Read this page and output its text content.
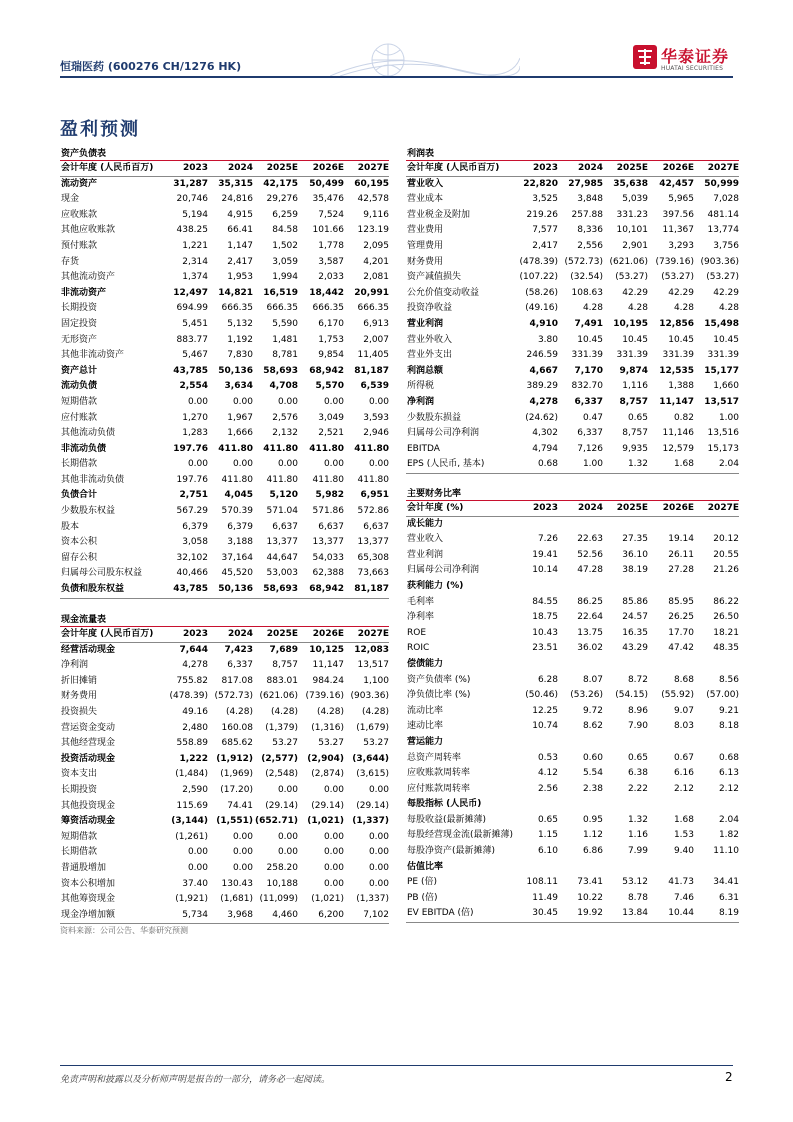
恒瑞医药 (600276 CH/1276 HK)
华泰证券
HUATAI SECURITIES
盈利预测
资产负债表
会计年度 (人民币百万)	2023	2024	2025E	2026E	2027E
流动资产	31,287	35,315	42,175	50,499	60,195
现金	20,746	24,816	29,276	35,476	42,578
应收账款	5,194	4,915	6,259	7,524	9,116
其他应收账款	438.25	66.41	84.58	101.66	123.19
预付账款	1,221	1,147	1,502	1,778	2,095
存货	2,314	2,417	3,059	3,587	4,201
其他流动资产	1,374	1,953	1,994	2,033	2,081
非流动资产	12,497	14,821	16,519	18,442	20,991
长期投资	694.99	666.35	666.35	666.35	666.35
固定投资	5,451	5,132	5,590	6,170	6,913
无形资产	883.77	1,192	1,481	1,753	2,007
其他非流动资产	5,467	7,830	8,781	9,854	11,405
资产总计	43,785	50,136	58,693	68,942	81,187
流动负债	2,554	3,634	4,708	5,570	6,539
短期借款	0.00	0.00	0.00	0.00	0.00
应付账款	1,270	1,967	2,576	3,049	3,593
其他流动负债	1,283	1,666	2,132	2,521	2,946
非流动负债	197.76	411.80	411.80	411.80	411.80
长期借款	0.00	0.00	0.00	0.00	0.00
其他非流动负债	197.76	411.80	411.80	411.80	411.80
负债合计	2,751	4,045	5,120	5,982	6,951
少数股东权益	567.29	570.39	571.04	571.86	572.86
股本	6,379	6,379	6,637	6,637	6,637
资本公积	3,058	3,188	13,377	13,377	13,377
留存公积	32,102	37,164	44,647	54,033	65,308
归属母公司股东权益	40,466	45,520	53,003	62,388	73,663
负债和股东权益	43,785	50,136	58,693	68,942	81,187
现金流量表
会计年度 (人民币百万)	2023	2024	2025E	2026E	2027E
经营活动现金	7,644	7,423	7,689	10,125	12,083
净利润	4,278	6,337	8,757	11,147	13,517
折旧摊销	755.82	817.08	883.01	984.24	1,100
财务费用	(478.39) (572.73) (621.06) (739.16) (903.36)
投资损失	49.16	(4.28)	(4.28)	(4.28)	(4.28)
营运资金变动	2,480	160.08	(1,379)	(1,316)	(1,679)
其他经营现金	558.89	685.62	53.27	53.27	53.27
投资活动现金	1,222 (1,912) (2,577)	(2,904) (3,644)
资本支出	(1,484)	(1,969)	(2,548)	(2,874)	(3,615)
长期投资	2,590	(17.20)	0.00	0.00	0.00
其他投资现金	115.69	74.41	(29.14)	(29.14)	(29.14)
筹资活动现金	(3,144) (1,551) (652.71)	(1,021) (1,337)
短期借款	(1,261)	0.00	0.00	0.00	0.00
长期借款	0.00	0.00	0.00	0.00	0.00
普通股增加	0.00	0.00	258.20	0.00	0.00
资本公积增加	37.40	130.43	10,188	0.00	0.00
其他筹资现金	(1,921)	(1,681) (11,099)	(1,021)	(1,337)
现金净增加额	5,734	3,968	4,460	6,200	7,102
利润表
会计年度 (人民币百万)	2023	2024	2025E	2026E	2027E
营业收入	22,820	27,985	35,638	42,457	50,999
营业成本	3,525	3,848	5,039	5,965	7,028
营业税金及附加	219.26	257.88	331.23	397.56	481.14
营业费用	7,577	8,336	10,101	11,367	13,774
管理费用	2,417	2,556	2,901	3,293	3,756
财务费用	(478.39) (572.73) (621.06) (739.16) (903.36)
资产减值损失	(107.22)	(32.54)	(53.27)	(53.27)	(53.27)
公允价值变动收益	(58.26)	108.63	42.29	42.29	42.29
投资净收益	(49.16)	4.28	4.28	4.28	4.28
营业利润	4,910	7,491	10,195	12,856	15,498
营业外收入	3.80	10.45	10.45	10.45	10.45
营业外支出	246.59	331.39	331.39	331.39	331.39
利润总额	4,667	7,170	9,874	12,535	15,177
所得税	389.29	832.70	1,116	1,388	1,660
净利润	4,278	6,337	8,757	11,147	13,517
少数股东损益	(24.62)	0.47	0.65	0.82	1.00
归属母公司净利润	4,302	6,337	8,757	11,146	13,516
EBITDA	4,794	7,126	9,935	12,579	15,173
EPS (人民币, 基本)	0.68	1.00	1.32	1.68	2.04
主要财务比率
会计年度 (%)	2023	2024	2025E	2026E	2027E
成长能力
营业收入	7.26	22.63	27.35	19.14	20.12
营业利润	19.41	52.56	36.10	26.11	20.55
归属母公司净利润	10.14	47.28	38.19	27.28	21.26
获利能力 (%)
毛利率	84.55	86.25	85.86	85.95	86.22
净利率	18.75	22.64	24.57	26.25	26.50
ROE	10.43	13.75	16.35	17.70	18.21
ROIC	23.51	36.02	43.29	47.42	48.35
偿债能力
资产负债率 (%)	6.28	8.07	8.72	8.68	8.56
净负债比率 (%)	(50.46)	(53.26)	(54.15)	(55.92)	(57.00)
流动比率	12.25	9.72	8.96	9.07	9.21
速动比率	10.74	8.62	7.90	8.03	8.18
营运能力
总资产周转率	0.53	0.60	0.65	0.67	0.68
应收账款周转率	4.12	5.54	6.38	6.16	6.13
应付账款周转率	2.56	2.38	2.22	2.12	2.12
每股指标 (人民币)
每股收益(最新摊薄)	0.65	0.95	1.32	1.68	2.04
每股经营现金流(最新摊薄)	1.15	1.12	1.16	1.53	1.82
每股净资产(最新摊薄)	6.10	6.86	7.99	9.40	11.10
估值比率
PE (倍)	108.11	73.41	53.12	41.73	34.41
PB (倍)	11.49	10.22	8.78	7.46	6.31
EV EBITDA (倍)	30.45	19.92	13.84	10.44	8.19
资料来源：公司公告、华泰研究预测
免责声明和披露以及分析师声明是报告的一部分，请务必一起阅读。	2
